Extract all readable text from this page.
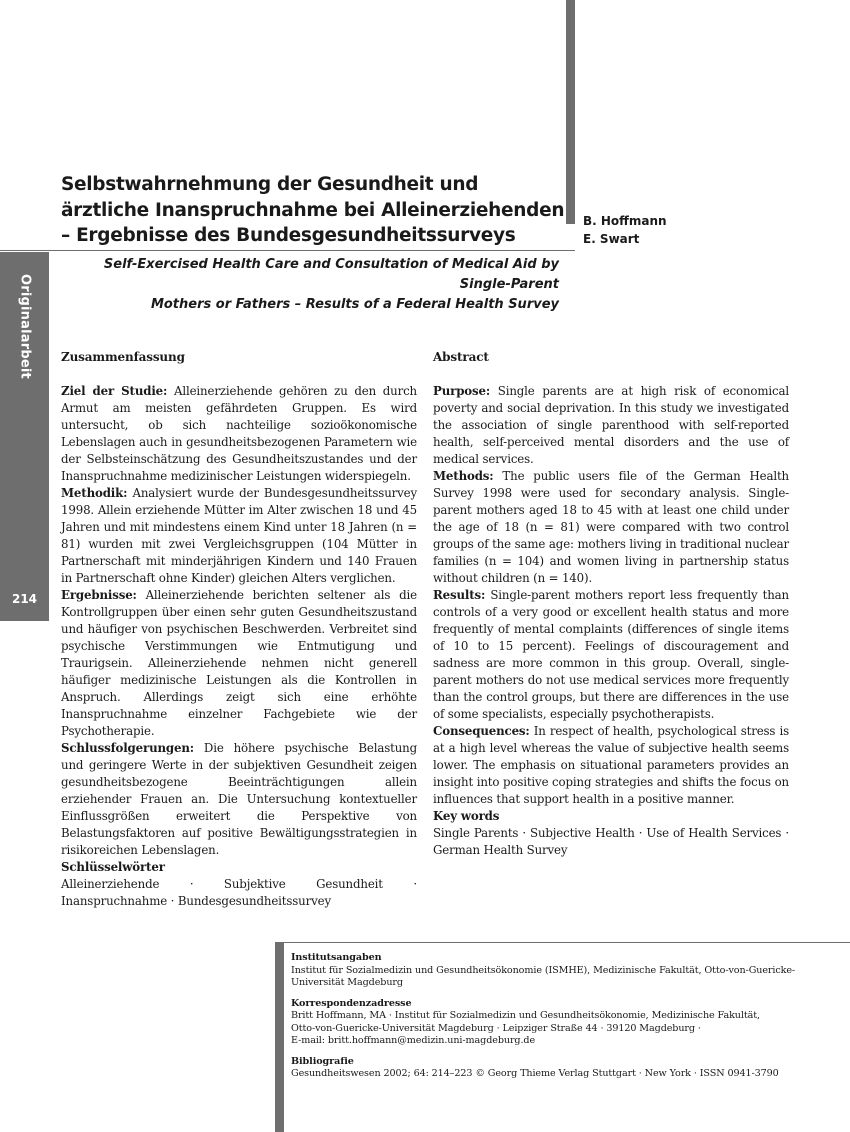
Selbstwahrnehmung der Gesundheit und ärztliche Inanspruchnahme bei Alleinerziehenden – Ergebnisse des Bundesgesundheitssurveys
B. Hoffmann
E. Swart
Self-Exercised Health Care and Consultation of Medical Aid by Single-Parent
Mothers or Fathers – Results of a Federal Health Survey
Originalarbeit
214
Zusammenfassung

Ziel der Studie: Alleinerziehende gehören zu den durch Armut am meisten gefährdeten Gruppen. Es wird untersucht, ob sich nachteilige sozioökonomische Lebenslagen auch in gesundheitsbezogenen Parametern wie der Selbsteinschätzung des Gesundheitszustandes und der Inanspruchnahme medizinischer Leistungen widerspiegeln.

Methodik: Analysiert wurde der Bundesgesundheitssurvey 1998. Allein erziehende Mütter im Alter zwischen 18 und 45 Jahren und mit mindestens einem Kind unter 18 Jahren (n = 81) wurden mit zwei Vergleichsgruppen (104 Mütter in Partnerschaft mit minderjährigen Kindern und 140 Frauen in Partnerschaft ohne Kinder) gleichen Alters verglichen.

Ergebnisse: Alleinerziehende berichten seltener als die Kontrollgruppen über einen sehr guten Gesundheitszustand und häufiger von psychischen Beschwerden. Verbreitet sind psychische Verstimmungen wie Entmutigung und Traurigsein. Alleinerziehende nehmen nicht generell häufiger medizinische Leistungen als die Kontrollen in Anspruch. Allerdings zeigt sich eine erhöhte Inanspruchnahme einzelner Fachgebiete wie der Psychotherapie.

Schlussfolgerungen: Die höhere psychische Belastung und geringere Werte in der subjektiven Gesundheit zeigen gesundheitsbezogene Beeinträchtigungen allein erziehender Frauen an. Die Untersuchung kontextueller Einflussgrößen erweitert die Perspektive von Belastungsfaktoren auf positive Bewältigungsstrategien in risikoreichen Lebenslagen.

Schlüsselwörter

Alleinerziehende · Subjektive Gesundheit · Inanspruchnahme · Bundesgesundheitssurvey

Abstract

Purpose: Single parents are at high risk of economical poverty and social deprivation. In this study we investigated the association of single parenthood with self-reported health, self-perceived mental disorders and the use of medical services.

Methods: The public users file of the German Health Survey 1998 were used for secondary analysis. Single-parent mothers aged 18 to 45 with at least one child under the age of 18 (n = 81) were compared with two control groups of the same age: mothers living in traditional nuclear families (n = 104) and women living in partnership status without children (n = 140).

Results: Single-parent mothers report less frequently than controls of a very good or excellent health status and more frequently of mental complaints (differences of single items of 10 to 15 percent). Feelings of discouragement and sadness are more common in this group. Overall, single-parent mothers do not use medical services more frequently than the control groups, but there are differences in the use of some specialists, especially psychotherapists.

Consequences: In respect of health, psychological stress is at a high level whereas the value of subjective health seems lower. The emphasis on situational parameters provides an insight into positive coping strategies and shifts the focus on influences that support health in a positive manner.

Key words

Single Parents · Subjective Health · Use of Health Services · German Health Survey

Institutsangaben
Institut für Sozialmedizin und Gesundheitsökonomie (ISMHE), Medizinische Fakultät, Otto-von-Guericke-Universität Magdeburg
Korrespondenzadresse
Britt Hoffmann, MA · Institut für Sozialmedizin und Gesundheitsökonomie, Medizinische Fakultät,
Otto-von-Guericke-Universität Magdeburg · Leipziger Straße 44 · 39120 Magdeburg ·
E-mail: britt.hoffmann@medizin.uni-magdeburg.de
Bibliografie
Gesundheitswesen 2002; 64: 214–223 © Georg Thieme Verlag Stuttgart · New York · ISSN 0941-3790
